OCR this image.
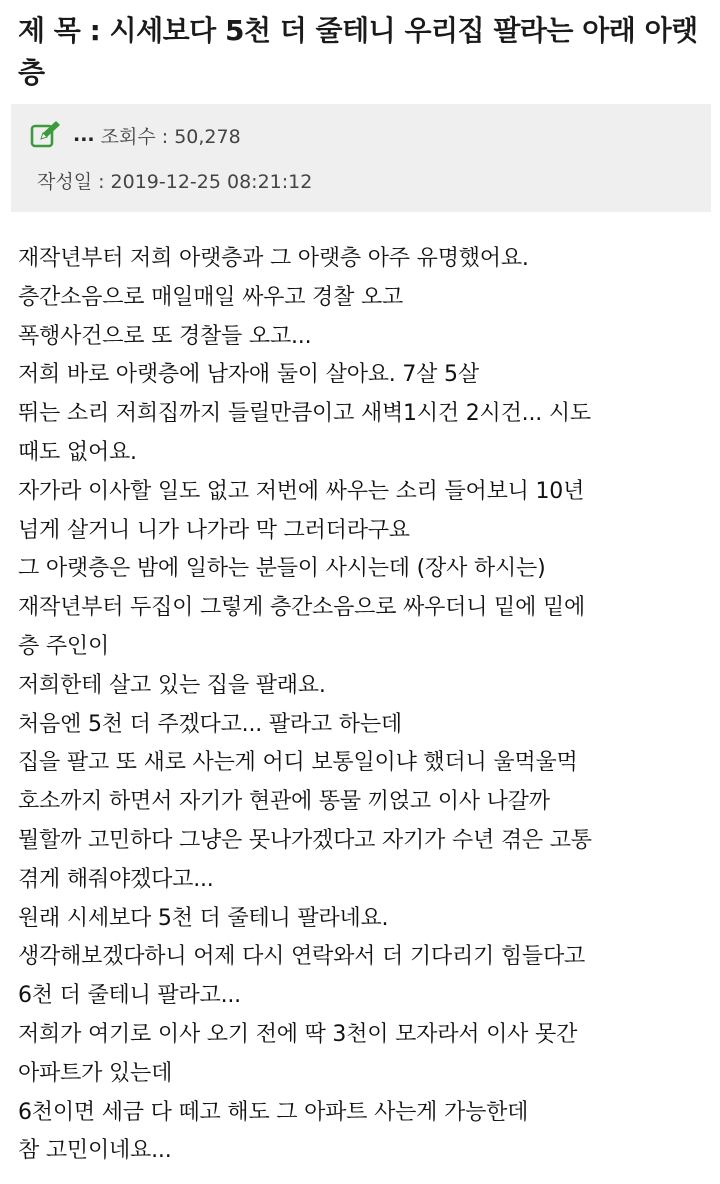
제 목 : 시세보다 5천 더 줄테니 우리집 팔라는 아래 아랫층
... 조회수 : 50,278
작성일 : 2019-12-25 08:21:12
재작년부터 저희 아랫층과 그 아랫층 아주 유명했어요.
층간소음으로 매일매일 싸우고 경찰 오고
폭행사건으로 또 경찰들 오고...
저희 바로 아랫층에 남자애 둘이 살아요. 7살 5살
뛰는 소리 저희집까지 들릴만큼이고 새벽1시건 2시건... 시도
때도 없어요.
자가라 이사할 일도 없고 저번에 싸우는 소리 들어보니 10년
넘게 살거니 니가 나가라 막 그러더라구요
그 아랫층은 밤에 일하는 분들이 사시는데 (장사 하시는)
재작년부터 두집이 그렇게 층간소음으로 싸우더니 밑에 밑에
층 주인이
저희한테 살고 있는 집을 팔래요.
처음엔 5천 더 주겠다고... 팔라고 하는데
집을 팔고 또 새로 사는게 어디 보통일이냐 했더니 울먹울먹
호소까지 하면서 자기가 현관에 똥물 끼얹고 이사 나갈까
뭘할까 고민하다 그냥은 못나가겠다고 자기가 수년 겪은 고통
겪게 해줘야겠다고...
원래 시세보다 5천 더 줄테니 팔라네요.
생각해보겠다하니 어제 다시 연락와서 더 기다리기 힘들다고
6천 더 줄테니 팔라고...
저희가 여기로 이사 오기 전에 딱 3천이 모자라서 이사 못간
아파트가 있는데
6천이면 세금 다 떼고 해도 그 아파트 사는게 가능한데
참 고민이네요...
